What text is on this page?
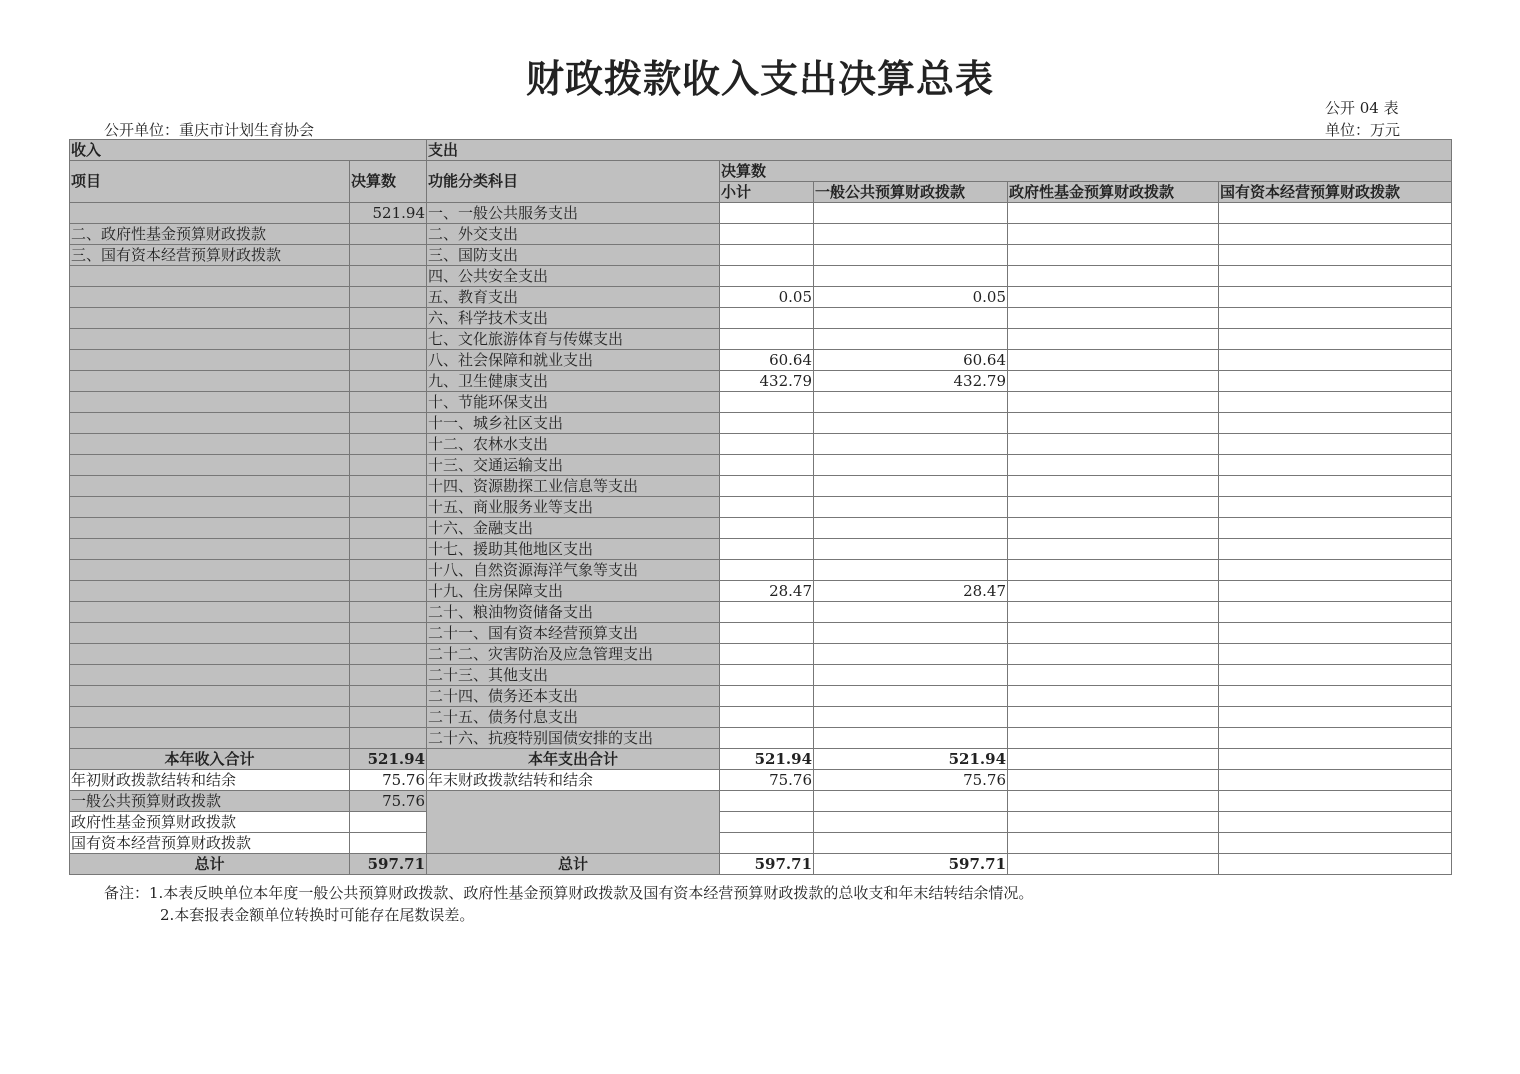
财政拨款收入支出决算总表
公开 04 表
公开单位：重庆市计划生育协会	单位：万元
收入		支出				
项目	决算数	功能分类科目	决算数			
			小计	一般公共预算财政拨款	政府性基金预算财政拨款	国有资本经营预算财政拨款
	521.94	一、一般公共服务支出				
二、政府性基金预算财政拨款		二、外交支出				
三、国有资本经营预算财政拨款		三、国防支出				
		四、公共安全支出				
		五、教育支出	0.05	0.05		
		六、科学技术支出				
		七、文化旅游体育与传媒支出				
		八、社会保障和就业支出	60.64	60.64		
		九、卫生健康支出	432.79	432.79		
		十、节能环保支出				
		十一、城乡社区支出				
		十二、农林水支出				
		十三、交通运输支出				
		十四、资源勘探工业信息等支出				
		十五、商业服务业等支出				
		十六、金融支出				
		十七、援助其他地区支出				
		十八、自然资源海洋气象等支出				
		十九、住房保障支出	28.47	28.47		
		二十、粮油物资储备支出				
		二十一、国有资本经营预算支出				
		二十二、灾害防治及应急管理支出				
		二十三、其他支出				
		二十四、债务还本支出				
		二十五、债务付息支出				
		二十六、抗疫特别国债安排的支出				
本年收入合计	521.94	本年支出合计	521.94	521.94		
年初财政拨款结转和结余	75.76	年末财政拨款结转和结余	75.76	75.76		
一般公共预算财政拨款	75.76					
政府性基金预算财政拨款						
国有资本经营预算财政拨款						
总计	597.71	总计	597.71	597.71		
备注：1.本表反映单位本年度一般公共预算财政拨款、政府性基金预算财政拨款及国有资本经营预算财政拨款的总收支和年末结转结余情况。
2.本套报表金额单位转换时可能存在尾数误差。
